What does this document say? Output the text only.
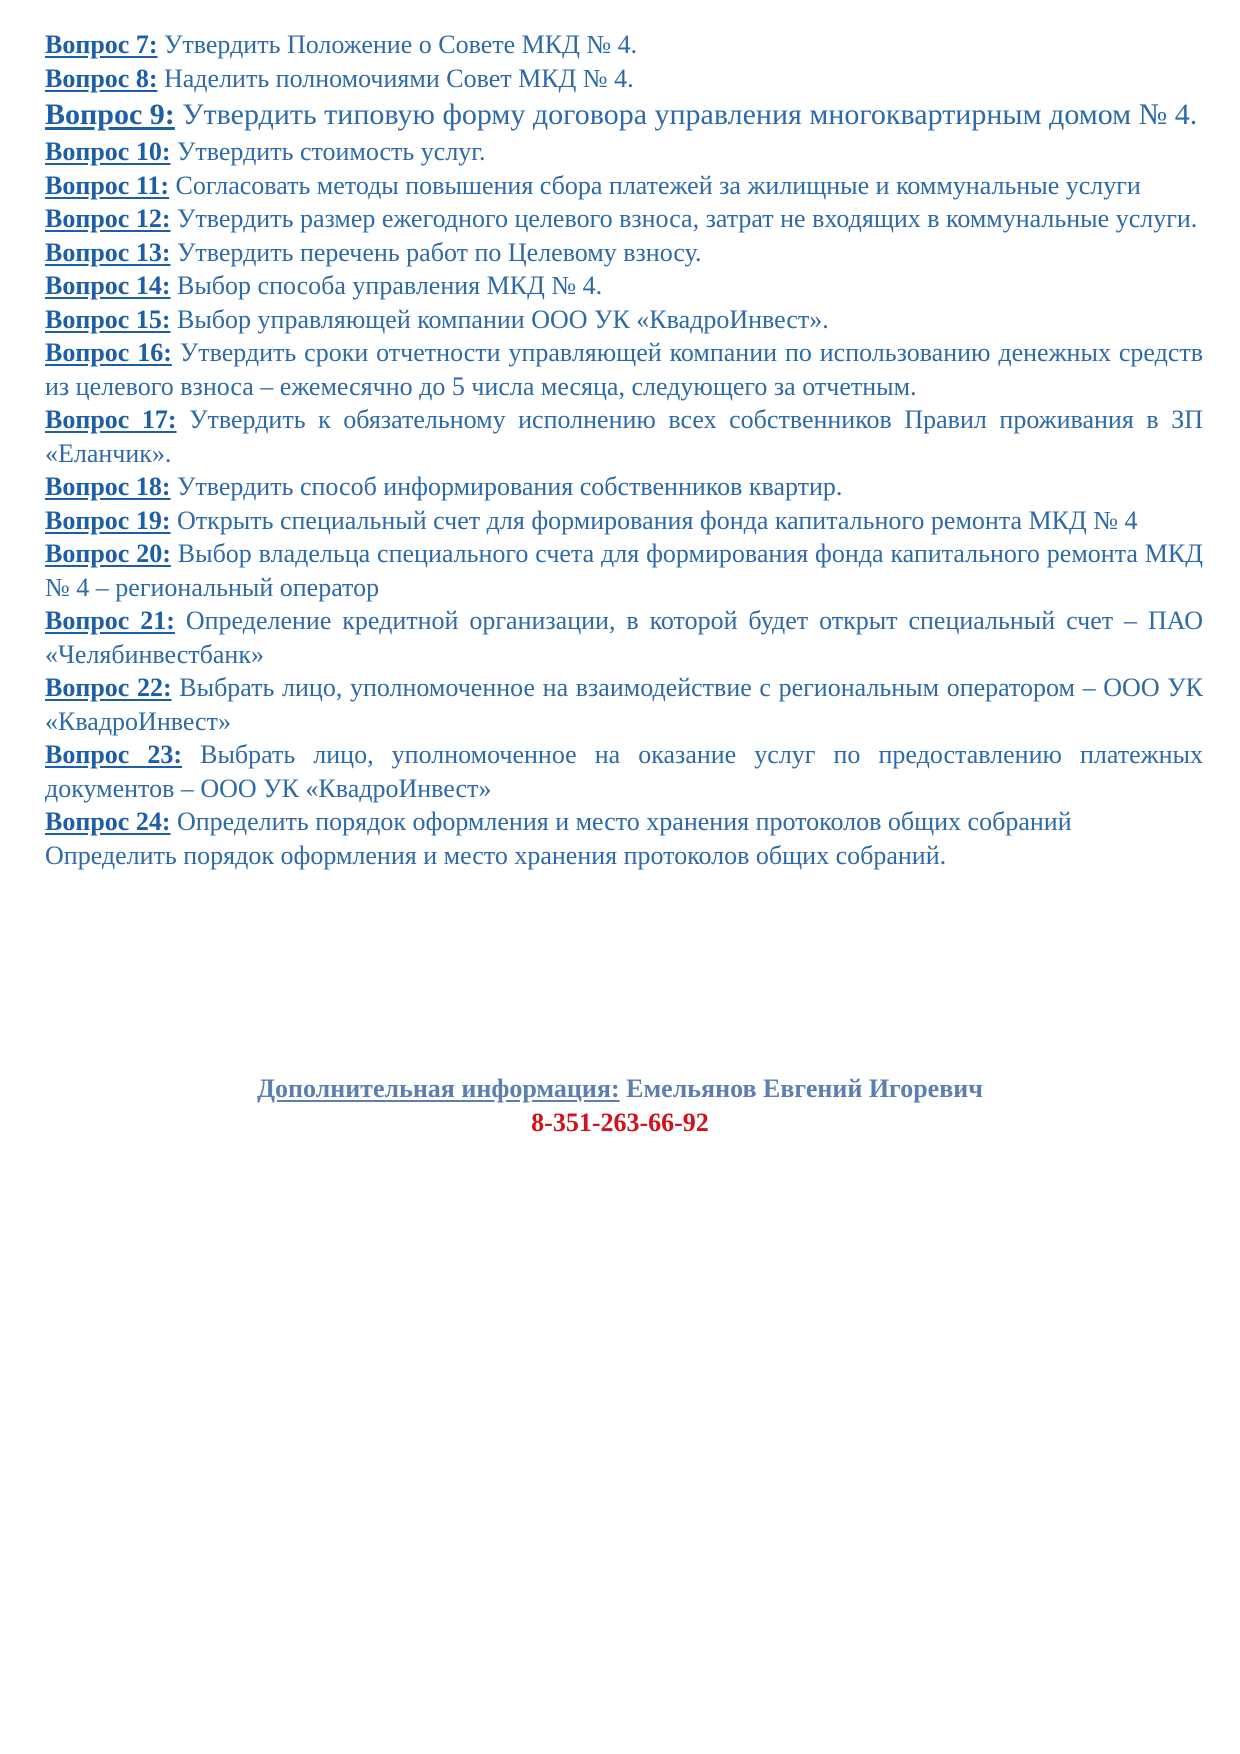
Вопрос 7: Утвердить Положение о Совете МКД № 4.

Вопрос 8: Наделить полномочиями Совет МКД № 4.

Вопрос 9: Утвердить типовую форму договора управления многоквартирным домом № 4.

Вопрос 10: Утвердить стоимость услуг.

Вопрос 11: Согласовать методы повышения сбора платежей за жилищные и коммунальные услуги

Вопрос 12: Утвердить размер ежегодного целевого взноса, затрат не входящих в коммунальные услуги.

Вопрос 13: Утвердить перечень работ по Целевому взносу.

Вопрос 14: Выбор способа управления МКД № 4.

Вопрос 15: Выбор управляющей компании ООО УК «КвадроИнвест».

Вопрос 16: Утвердить сроки отчетности управляющей компании по использованию денежных средств из целевого взноса – ежемесячно до 5 числа месяца, следующего за отчетным.

Вопрос 17: Утвердить к обязательному исполнению всех собственников Правил проживания в ЗП «Еланчик».

Вопрос 18: Утвердить способ информирования собственников квартир.

Вопрос 19: Открыть специальный счет для формирования фонда капитального ремонта МКД № 4

Вопрос 20: Выбор владельца специального счета для формирования фонда капитального ремонта МКД № 4 – региональный оператор

Вопрос 21: Определение кредитной организации, в которой будет открыт специальный счет – ПАО «Челябинвестбанк»

Вопрос 22: Выбрать лицо, уполномоченное на взаимодействие с региональным оператором – ООО УК «КвадроИнвест»

Вопрос 23: Выбрать лицо, уполномоченное на оказание услуг по предоставлению платежных документов – ООО УК «КвадроИнвест»

Вопрос 24: Определить порядок оформления и место хранения протоколов общих собраний

Определить порядок оформления и место хранения протоколов общих собраний.

Дополнительная информация: Емельянов Евгений Игоревич
8-351-263-66-92
